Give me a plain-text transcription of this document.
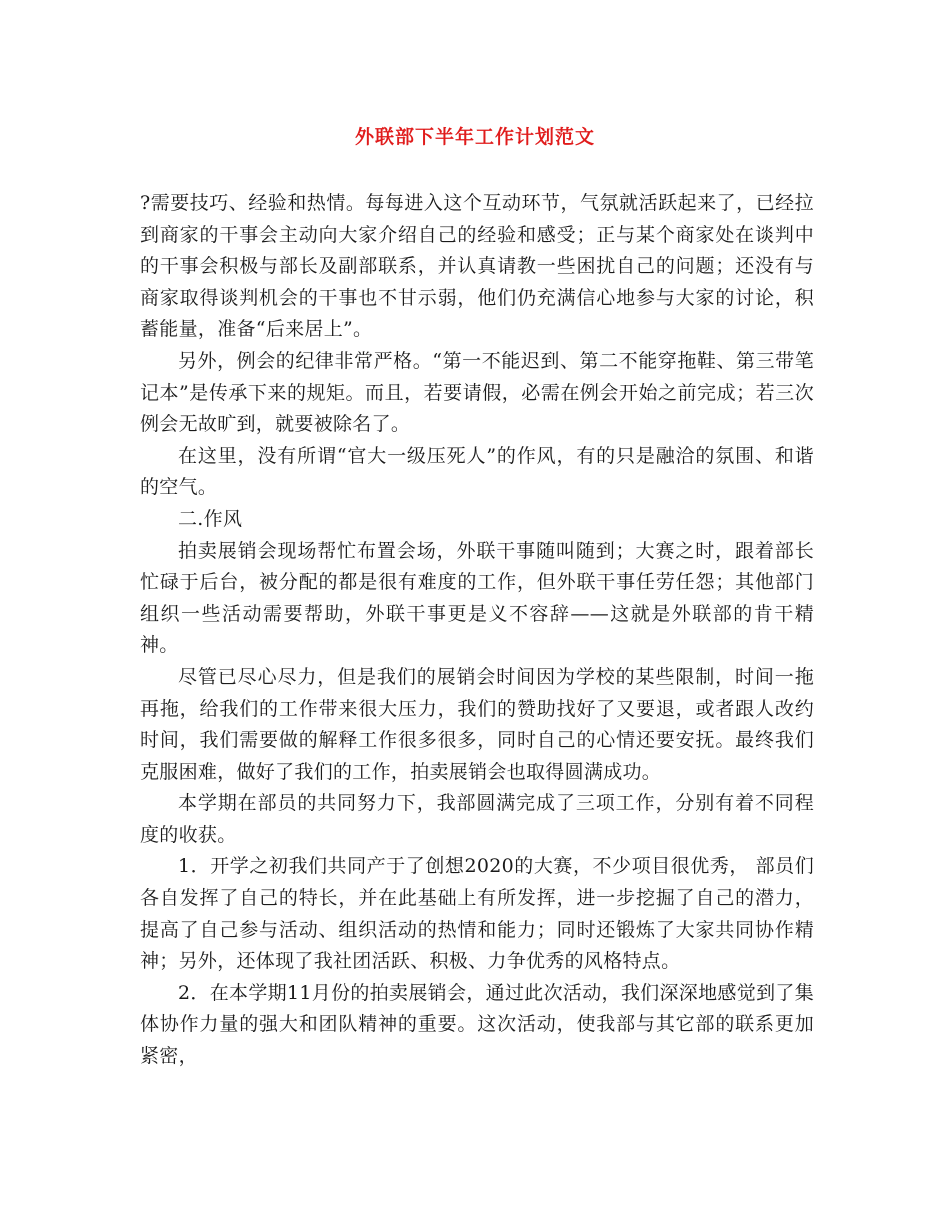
外联部下半年工作计划范文

?需要技巧、经验和热情。每每进入这个互动环节，气氛就活跃起来了，已经拉到商家的干事会主动向大家介绍自己的经验和感受；正与某个商家处在谈判中的干事会积极与部长及副部联系，并认真请教一些困扰自己的问题；还没有与商家取得谈判机会的干事也不甘示弱，他们仍充满信心地参与大家的讨论，积蓄能量，准备“后来居上”。

另外，例会的纪律非常严格。“第一不能迟到、第二不能穿拖鞋、第三带笔记本”是传承下来的规矩。而且，若要请假，必需在例会开始之前完成；若三次例会无故旷到，就要被除名了。

在这里，没有所谓“官大一级压死人”的作风，有的只是融洽的氛围、和谐的空气。

二.作风

拍卖展销会现场帮忙布置会场，外联干事随叫随到；大赛之时，跟着部长忙碌于后台，被分配的都是很有难度的工作，但外联干事任劳任怨；其他部门组织一些活动需要帮助，外联干事更是义不容辞——这就是外联部的肯干精神。

尽管已尽心尽力，但是我们的展销会时间因为学校的某些限制，时间一拖再拖，给我们的工作带来很大压力，我们的赞助找好了又要退，或者跟人改约时间，我们需要做的解释工作很多很多，同时自己的心情还要安抚。最终我们克服困难，做好了我们的工作，拍卖展销会也取得圆满成功。

本学期在部员的共同努力下，我部圆满完成了三项工作，分别有着不同程度的收获。

1．开学之初我们共同产于了创想2020的大赛，不少项目很优秀， 部员们各自发挥了自己的特长，并在此基础上有所发挥，进一步挖掘了自己的潜力，提高了自己参与活动、组织活动的热情和能力；同时还锻炼了大家共同协作精神；另外，还体现了我社团活跃、积极、力争优秀的风格特点。

2．在本学期11月份的拍卖展销会，通过此次活动，我们深深地感觉到了集体协作力量的强大和团队精神的重要。这次活动，使我部与其它部的联系更加紧密，
